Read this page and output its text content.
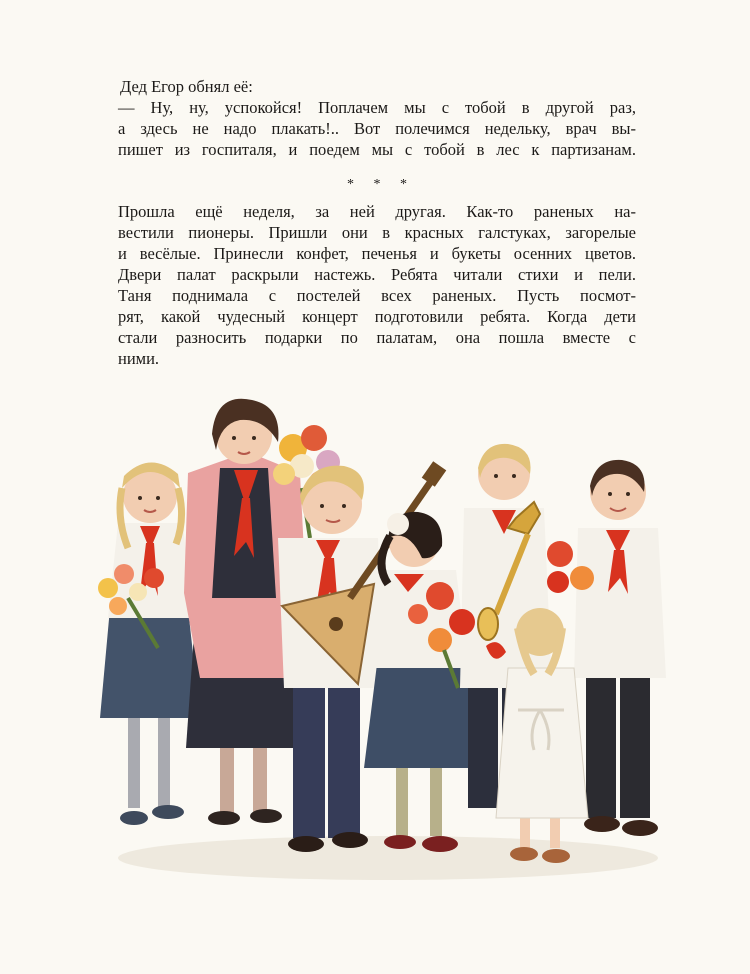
Дед Егор обнял её:
— Ну, ну, успокойся! Поплачем мы с тобой в другой раз,
а здесь не надо плакать!.. Вот полечимся недельку, врач вы-
пишет из госпиталя, и поедем мы с тобой в лес к партизанам.
* * *
Прошла ещё неделя, за ней другая. Как-то раненых на-
вестили пионеры. Пришли они в красных галстуках, загорелые
и весёлые. Принесли конфет, печенья и букеты осенних цветов.
Двери палат раскрыли настежь. Ребята читали стихи и пели.
Таня поднимала с постелей всех раненых. Пусть посмот-
рят, какой чудесный концерт подготовили ребята. Когда дети
стали разносить подарки по палатам, она пошла вместе с
ними.
